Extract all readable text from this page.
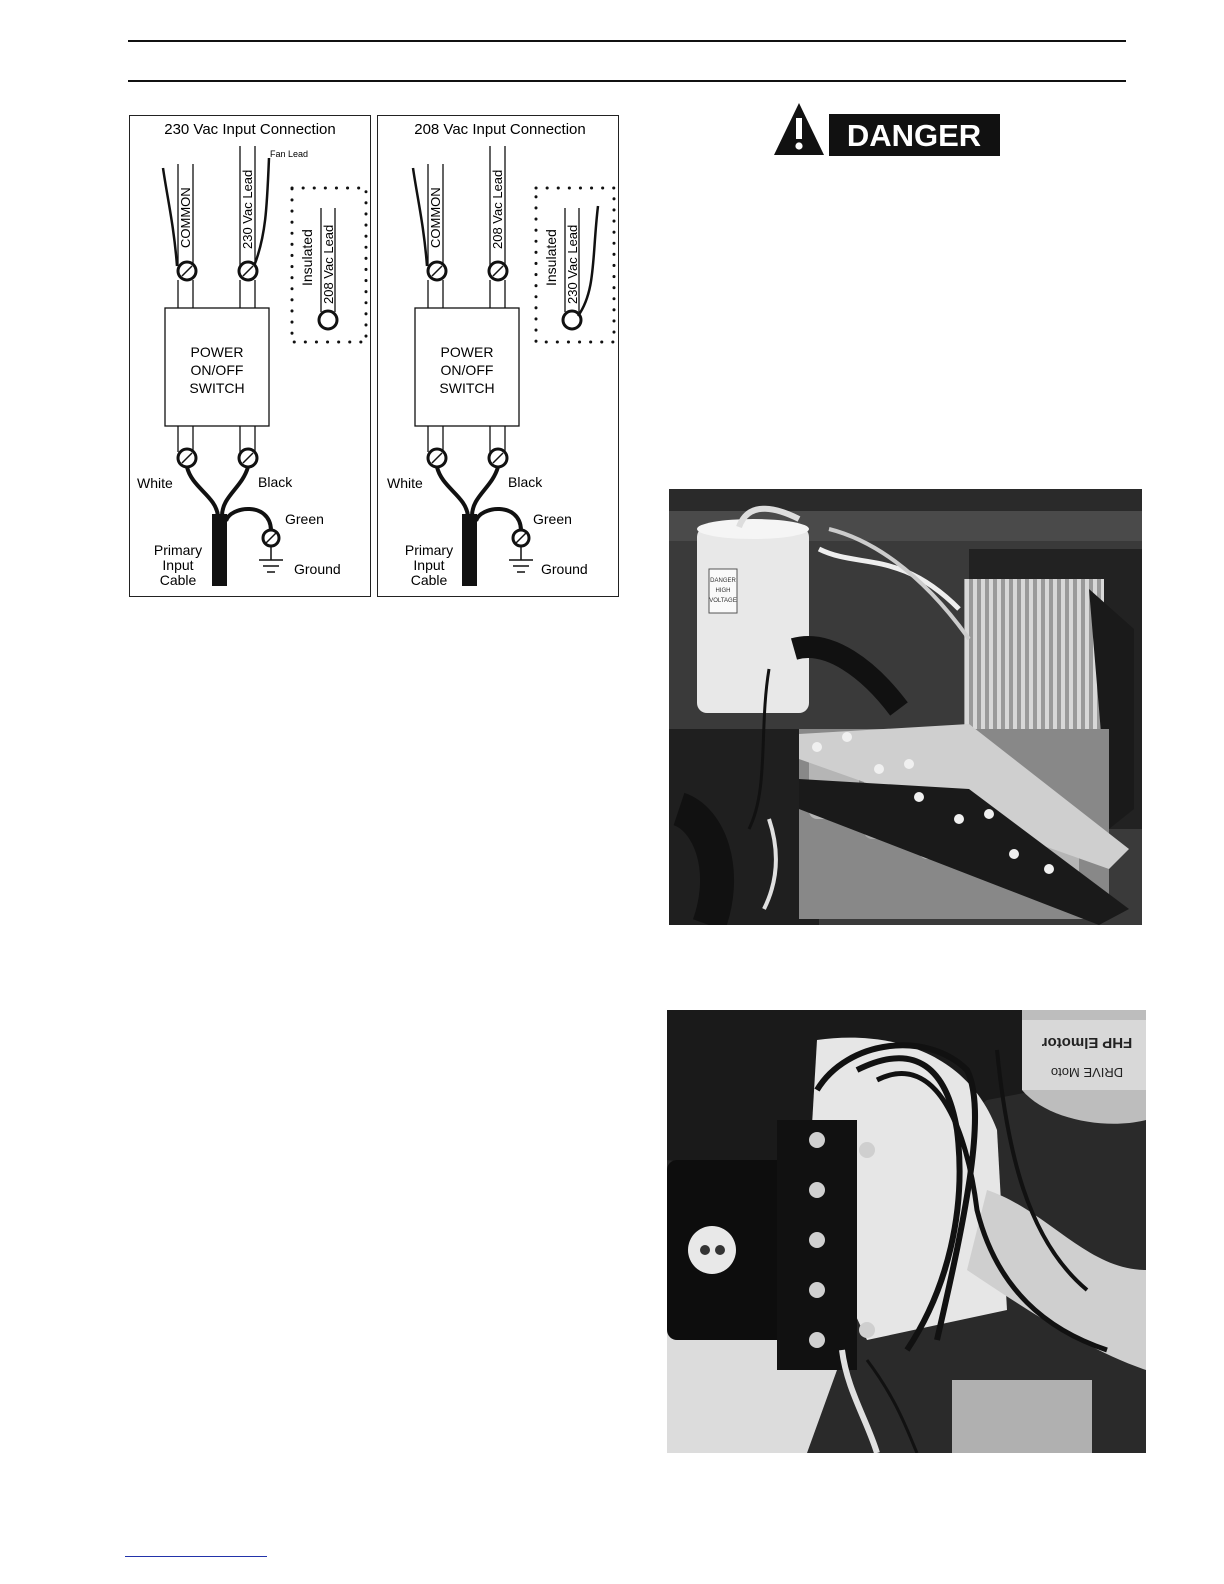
230 Vac Input Connection
COMMON	230 Vac Lead
Fan Lead
Insulated 208 Vac Lead
POWER
ON/OFF
SWITCH
White	Black
Green
Ground
Primary
Input
Cable
208 Vac Input Connection
COMMON	208 Vac Lead
Insulated 230 Vac Lead
POWER
ON/OFF
SWITCH
White	Black
Green
Ground
Primary
Input
Cable
DANGER
DANGER
HIGH
VOLTAGE
FHP Elmotor
DRIVE Moto
